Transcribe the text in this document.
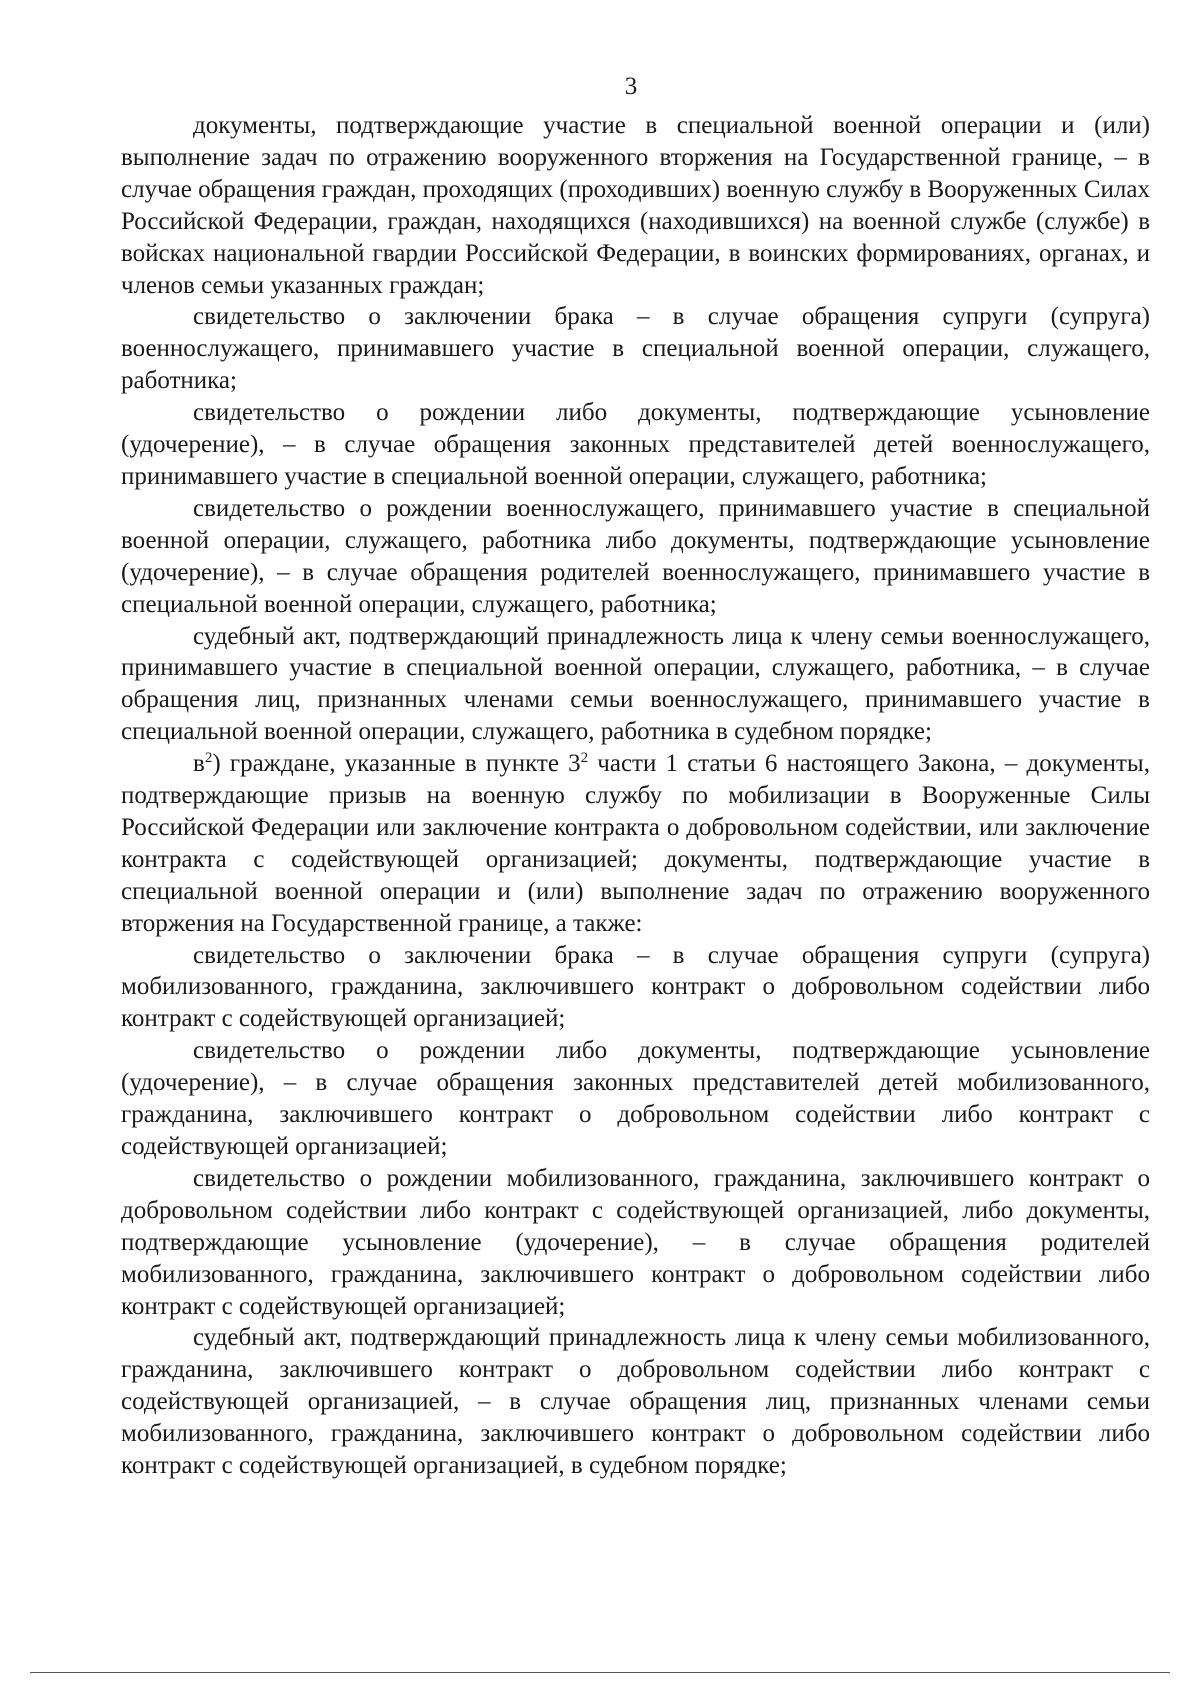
3

документы, подтверждающие участие в специальной военной операции и (или) выполнение задач по отражению вооруженного вторжения на Государственной границе, – в случае обращения граждан, проходящих (проходивших) военную службу в Вооруженных Силах Российской Федерации, граждан, находящихся (находившихся) на военной службе (службе) в войсках национальной гвардии Российской Федерации, в воинских формированиях, органах, и членов семьи указанных граждан;

свидетельство о заключении брака – в случае обращения супруги (супруга) военнослужащего, принимавшего участие в специальной военной операции, служащего, работника;

свидетельство о рождении либо документы, подтверждающие усыновление (удочерение), – в случае обращения законных представителей детей военнослужащего, принимавшего участие в специальной военной операции, служащего, работника;

свидетельство о рождении военнослужащего, принимавшего участие в специальной военной операции, служащего, работника либо документы, подтверждающие усыновление (удочерение), – в случае обращения родителей военнослужащего, принимавшего участие в специальной военной операции, служащего, работника;

судебный акт, подтверждающий принадлежность лица к члену семьи военнослужащего, принимавшего участие в специальной военной операции, служащего, работника, – в случае обращения лиц, признанных членами семьи военнослужащего, принимавшего участие в специальной военной операции, служащего, работника в судебном порядке;

$в^2$) граждане, указанные в пункте $3^2$ части 1 статьи 6 настоящего Закона, – документы, подтверждающие призыв на военную службу по мобилизации в Вооруженные Силы Российской Федерации или заключение контракта о добровольном содействии, или заключение контракта с содействующей организацией; документы, подтверждающие участие в специальной военной операции и (или) выполнение задач по отражению вооруженного вторжения на Государственной границе, а также:

свидетельство о заключении брака – в случае обращения супруги (супруга) мобилизованного, гражданина, заключившего контракт о добровольном содействии либо контракт с содействующей организацией;

свидетельство о рождении либо документы, подтверждающие усыновление (удочерение), – в случае обращения законных представителей детей мобилизованного, гражданина, заключившего контракт о добровольном содействии либо контракт с содействующей организацией;

свидетельство о рождении мобилизованного, гражданина, заключившего контракт о добровольном содействии либо контракт с содействующей организацией, либо документы, подтверждающие усыновление (удочерение), – в случае обращения родителей мобилизованного, гражданина, заключившего контракт о добровольном содействии либо контракт с содействующей организацией;

судебный акт, подтверждающий принадлежность лица к члену семьи мобилизованного, гражданина, заключившего контракт о добровольном содействии либо контракт с содействующей организацией, – в случае обращения лиц, признанных членами семьи мобилизованного, гражданина, заключившего контракт о добровольном содействии либо контракт с содействующей организацией, в судебном порядке;
